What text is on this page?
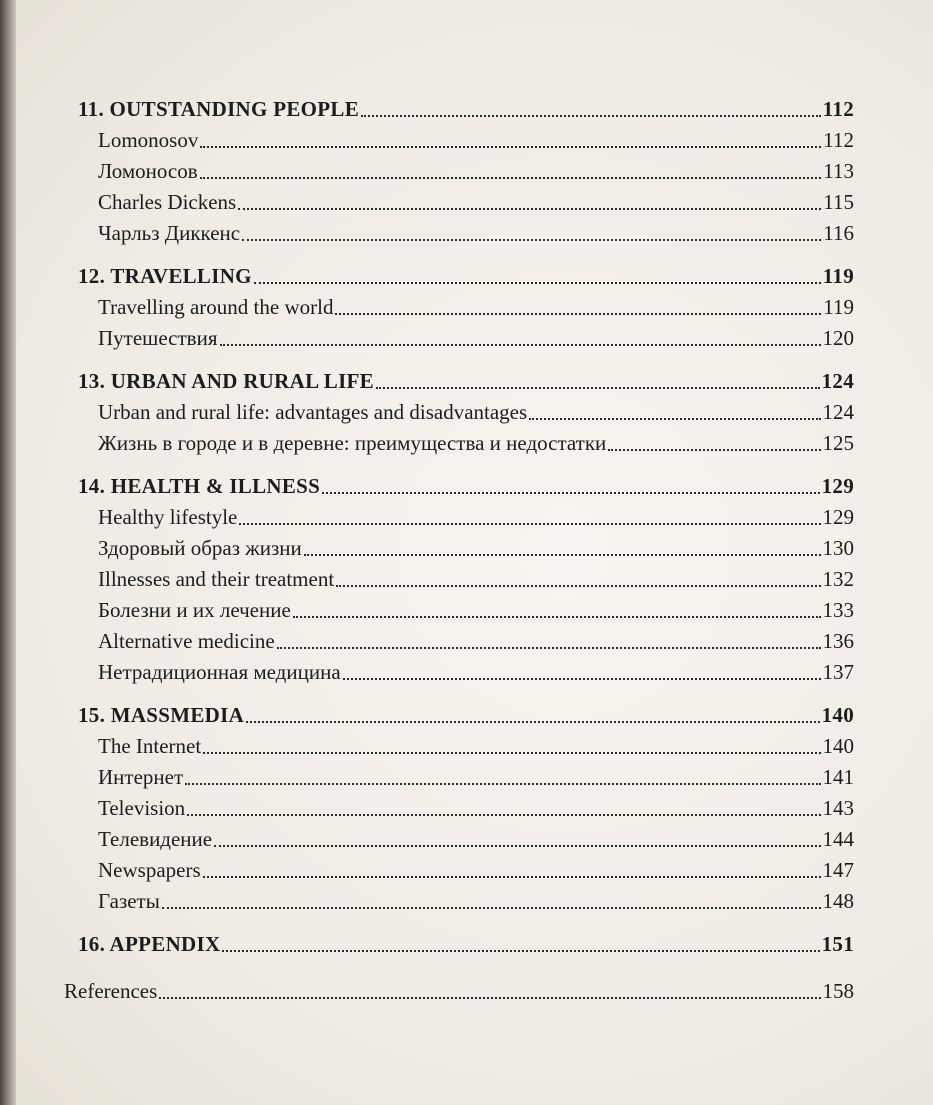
11. OUTSTANDING PEOPLE	112
Lomonosov	112
Ломоносов	113
Charles Dickens	115
Чарльз Диккенс	116
12. TRAVELLING	119
Travelling around the world	119
Путешествия	120
13. URBAN AND RURAL LIFE	124
Urban and rural life: advantages and disadvantages	124
Жизнь в городе и в деревне: преимущества и недостатки	125
14. HEALTH & ILLNESS	129
Healthy lifestyle	129
Здоровый образ жизни	130
Illnesses and their treatment	132
Болезни и их лечение	133
Alternative medicine	136
Нетрадиционная медицина	137
15. MASSMEDIA	140
The Internet	140
Интернет	141
Television	143
Телевидение	144
Newspapers	147
Газеты	148
16. APPENDIX	151
References	158
